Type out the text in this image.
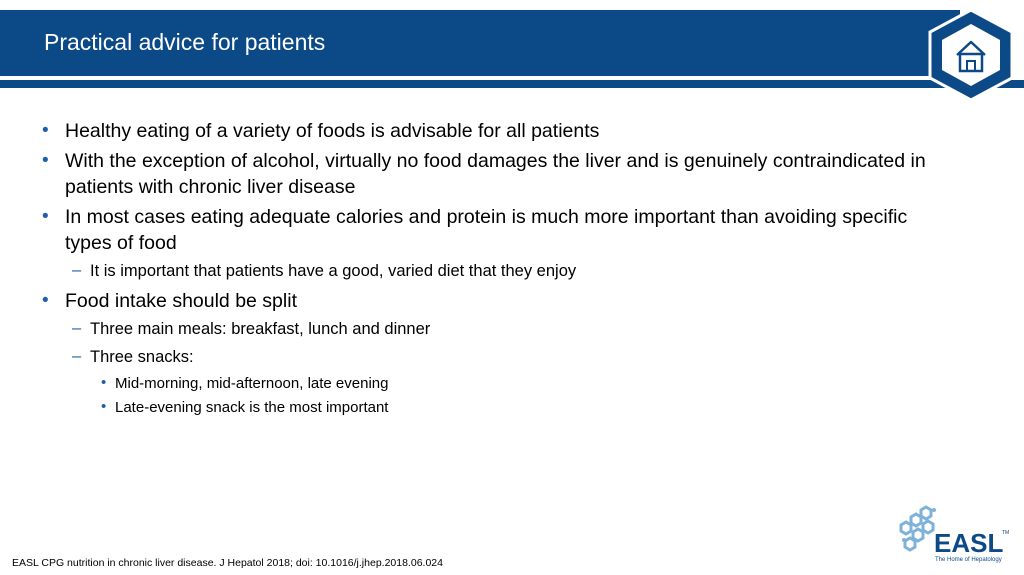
Practical advice for patients
• Healthy eating of a variety of foods is advisable for all patients
• With the exception of alcohol, virtually no food damages the liver and is genuinely contraindicated in patients with chronic liver disease
• In most cases eating adequate calories and protein is much more important than avoiding specific types of food
– It is important that patients have a good, varied diet that they enjoy
• Food intake should be split
– Three main meals: breakfast, lunch and dinner
– Three snacks:
• Mid-morning, mid-afternoon, late evening
• Late-evening snack is the most important
EASL CPG nutrition in chronic liver disease. J Hepatol 2018; doi: 10.1016/j.jhep.2018.06.024
EASL
TM
The Home of Hepatology
